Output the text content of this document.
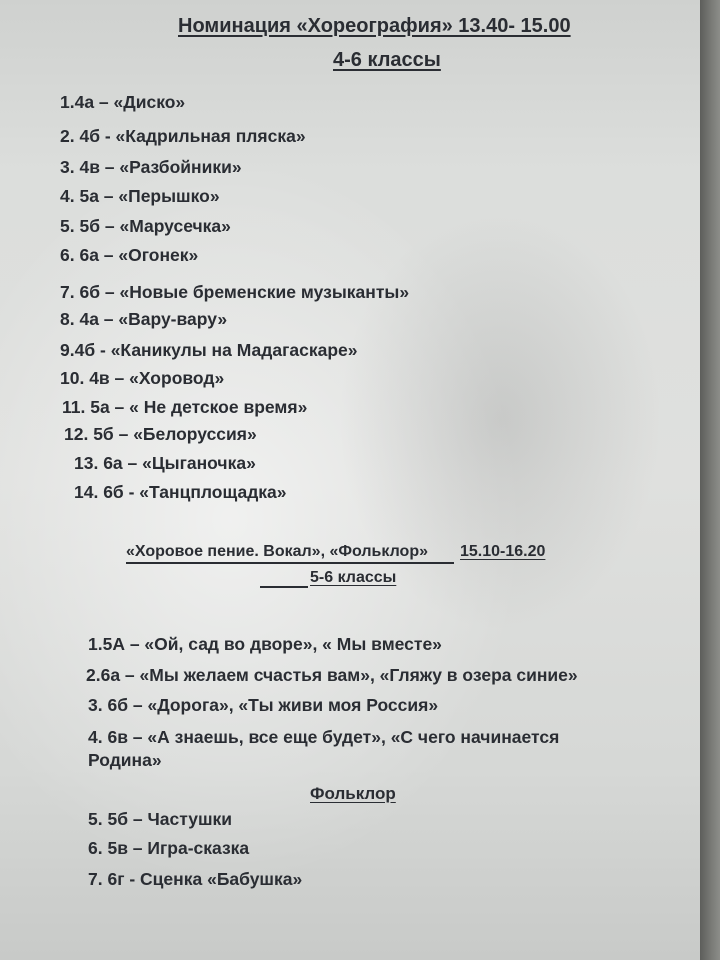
Номинация «Хореография» 13.40- 15.00
4-6 классы
1.4а – «Диско»
2. 4б - «Кадрильная пляска»
3. 4в – «Разбойники»
4. 5а – «Перышко»
5. 5б – «Марусечка»
6. 6а – «Огонек»
7. 6б – «Новые бременские музыканты»
8. 4а – «Вару-вару»
9.4б - «Каникулы на Мадагаскаре»
10. 4в – «Хоровод»
11. 5а – « Не детское время»
12. 5б – «Белоруссия»
13. 6а – «Цыганочка»
14. 6б - «Танцплощадка»
«Хоровое пение. Вокал», «Фольклор» 15.10-16.20
5-6 классы
1.5А – «Ой, сад во дворе», « Мы вместе»
2.6а – «Мы желаем счастья вам», «Гляжу в озера синие»
3. 6б – «Дорога», «Ты живи моя Россия»
4. 6в – «А знаешь, все еще будет», «С чего начинается
Родина»
Фольклор
5. 5б – Частушки
6. 5в – Игра-сказка
7. 6г - Сценка «Бабушка»
